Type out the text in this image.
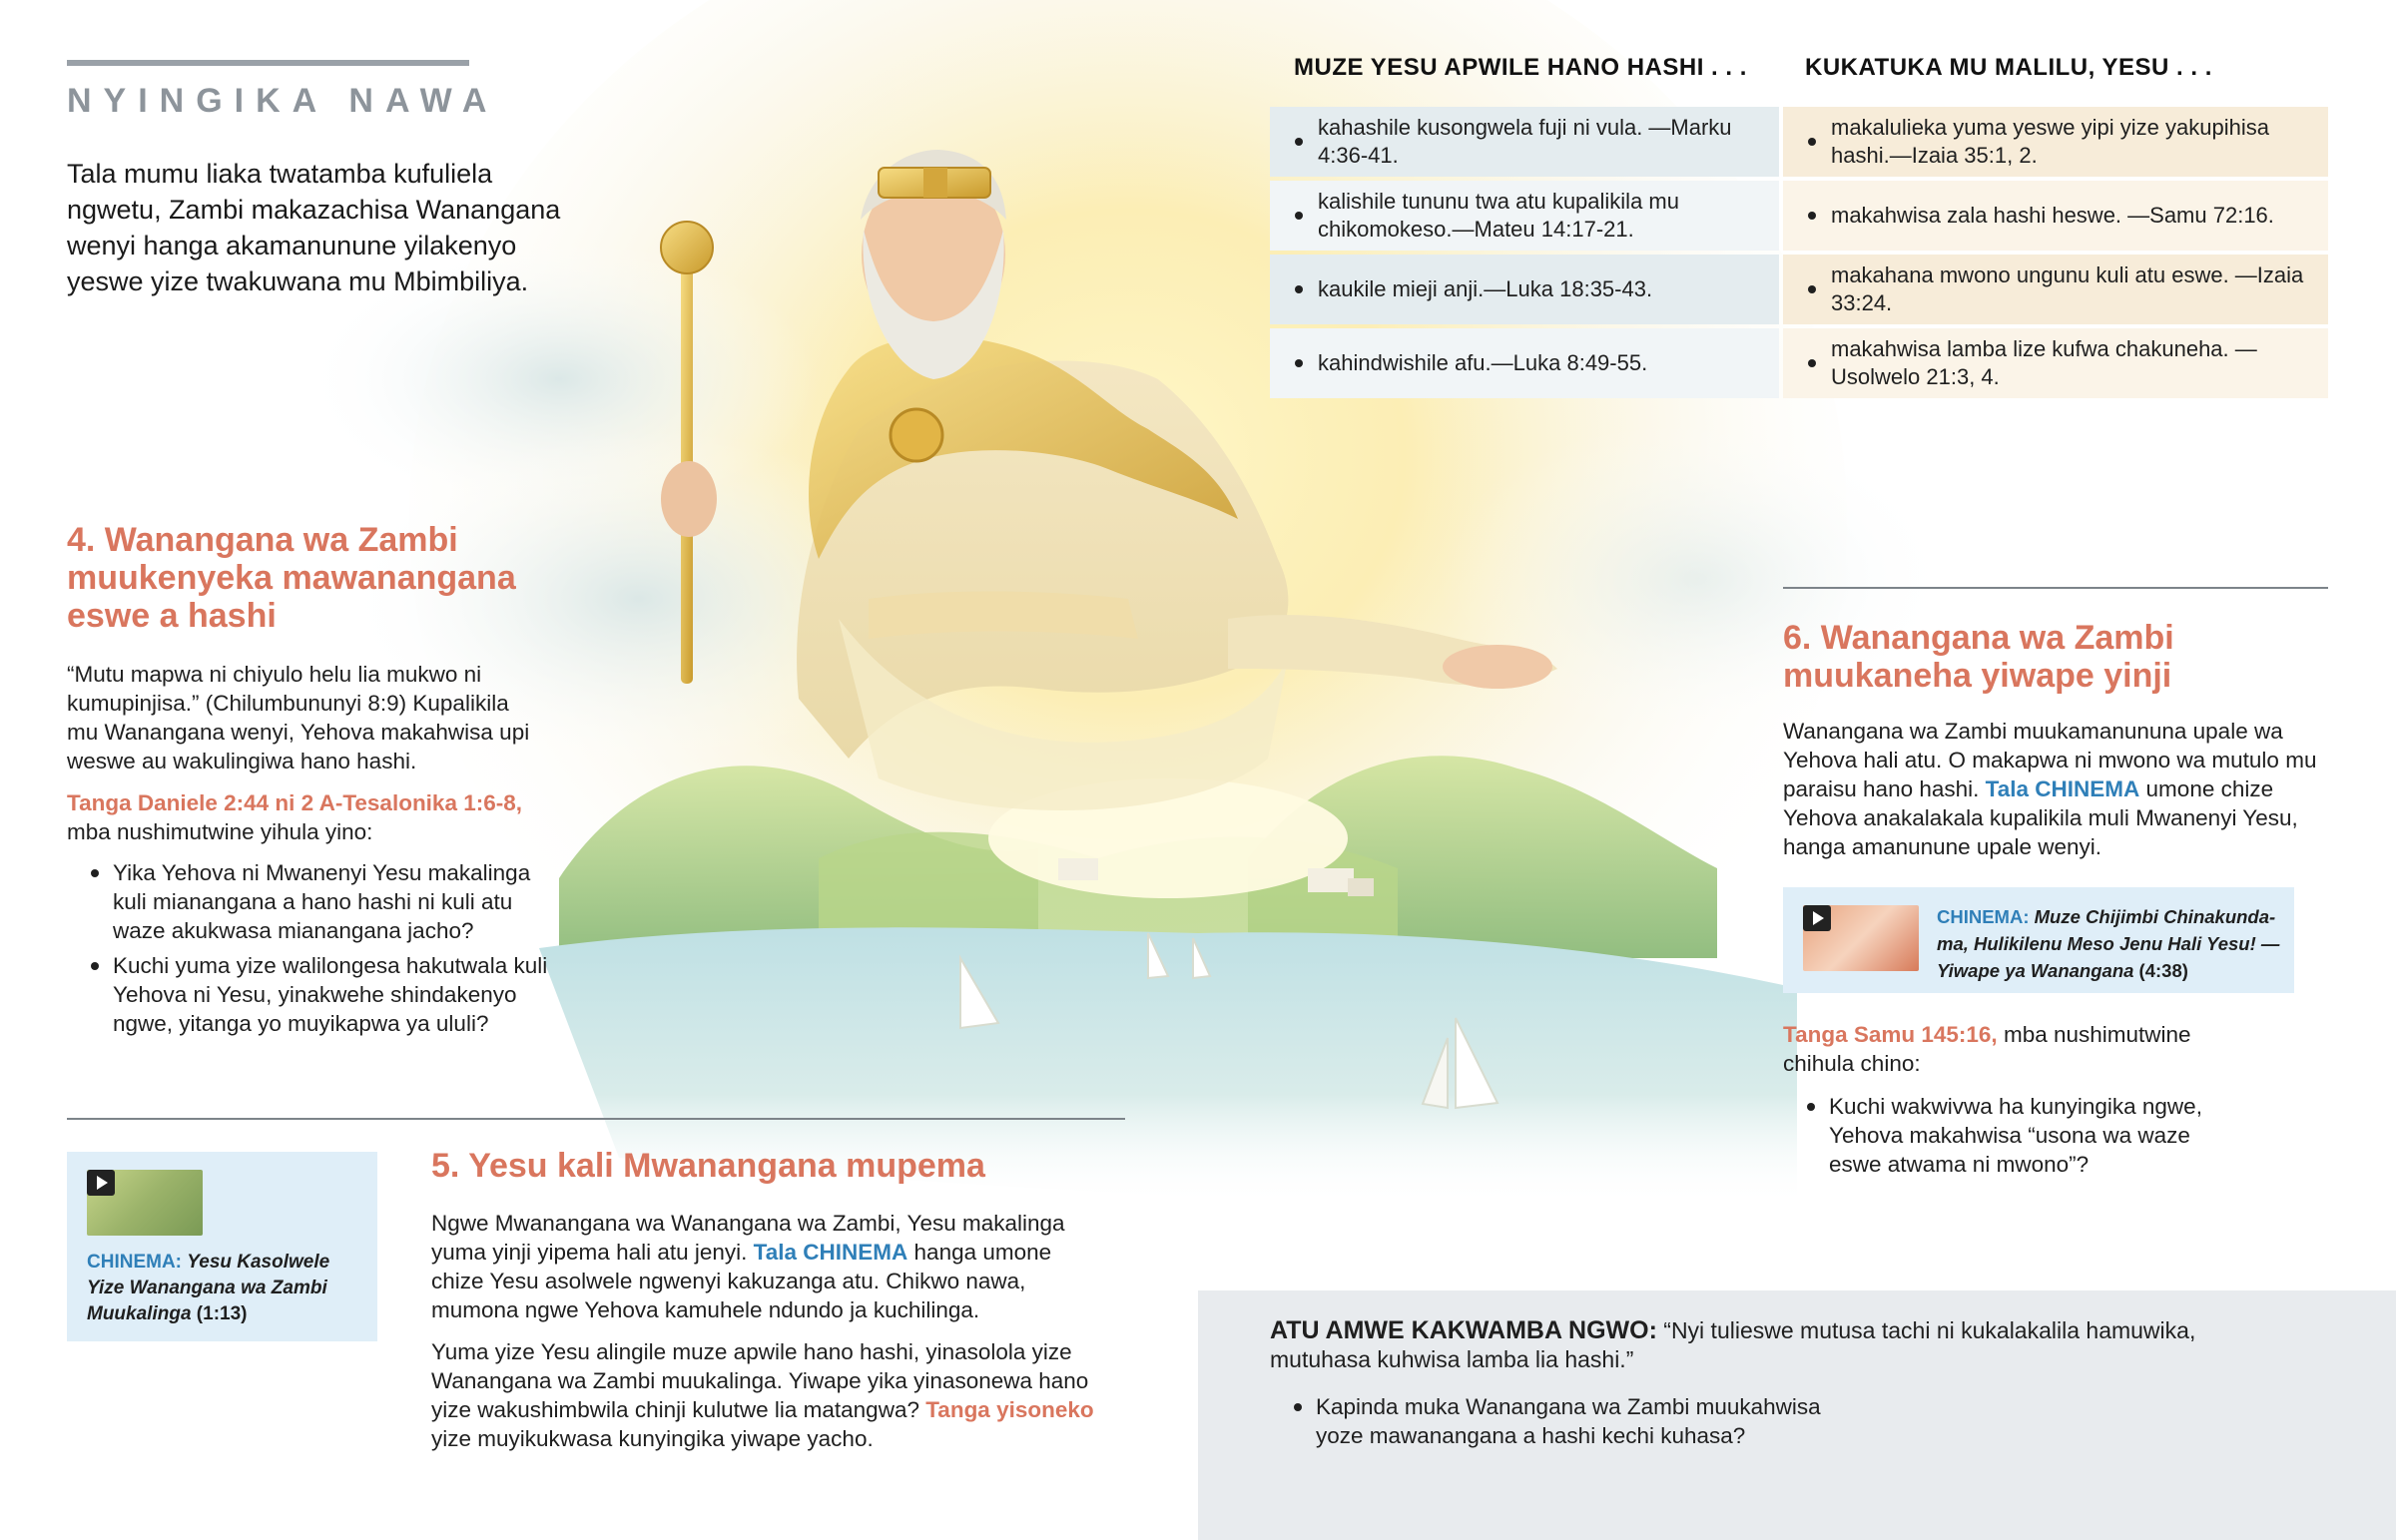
NYINGIKA NAWA

Tala mumu liaka twatamba kufuliela ngwetu, Zambi makazachisa Wanangana wenyi hanga akamanunune yilakenyo yeswe yize twakuwana mu Mbimbiliya.

MUZE YESU APWILE HANO HASHI . . . KUKATUKA MU MALILU, YESU . . .
kahashile kusongwela fuji ni vula. —Marku 4:36-41.
kalishile tununu twa atu kupalikila mu chikomokeso.—Mateu 14:17-21.
kaukile mieji anji.—Luka 18:35-43.
kahindwishile afu.—Luka 8:49-55.
makalulieka yuma yeswe yipi yize yakupihisa hashi.—Izaia 35:1, 2.
makahwisa zala hashi heswe. —Samu 72:16.
makahana mwono ungunu kuli atu eswe. —Izaia 33:24.
makahwisa lamba lize kufwa chakuneha. —Usolwelo 21:3, 4.
4. Wanangana wa Zambi muukenyeka mawanangana eswe a hashi

“Mutu mapwa ni chiyulo helu lia mukwo ni kumupinjisa.” (Chilumbununyi 8:9) Kupalikila mu Wanangana wenyi, Yehova makahwisa upi weswe au wakulingiwa hano hashi.

Tanga Daniele 2:44 ni 2 A-Tesalonika 1:6-8,
mba nushimutwine yihula yino:

Yika Yehova ni Mwanenyi Yesu makalinga kuli mianangana a hano hashi ni kuli atu waze akukwasa mianangana jacho?
Kuchi yuma yize walilongesa hakutwala kuli Yehova ni Yesu, yinakwehe shindakenyo ngwe, yitanga yo muyikapwa ya ululi?

CHINEMA: Yesu Kasolwele Yize Wanangana wa Zambi Muukalinga (1:13)

5. Yesu kali Mwanangana mupema

Ngwe Mwanangana wa Wanangana wa Zambi, Yesu makalinga yuma yinji yipema hali atu jenyi. Tala CHINEMA hanga umone chize Yesu asolwele ngwenyi kakuzanga atu. Chikwo nawa, mumona ngwe Yehova kamuhele ndundo ja kuchilinga.

Yuma yize Yesu alingile muze apwile hano hashi, yinasolola yize Wanangana wa Zambi muukalinga. Yiwape yika yinasonewa hano yize wakushimbwila chinji kulutwe lia matangwa? Tanga yisoneko yize muyikukwasa kunyingika yiwape yacho.

6. Wanangana wa Zambi muukaneha yiwape yinji

Wanangana wa Zambi muukamanununa upale wa Yehova hali atu. O makapwa ni mwono wa mutulo mu paraisu hano hashi. Tala CHINEMA umone chize Yehova anakalakala kupalikila muli Mwanenyi Yesu, hanga amanunune upale wenyi.

CHINEMA: Muze Chijimbi Chinakunda-ma, Hulikilenu Meso Jenu Hali Yesu! —Yiwape ya Wanangana (4:38)

Tanga Samu 145:16, mba nushimutwine chihula chino:

Kuchi wakwivwa ha kunyingika ngwe, Yehova makahwisa “usona wa waze eswe atwama ni mwono”?

ATU AMWE KAKWAMBA NGWO: “Nyi tulieswe mutusa tachi ni kukalakalila hamuwika, mutuhasa kuhwisa lamba lia hashi.”

Kapinda muka Wanangana wa Zambi muukahwisa yoze mawanangana a hashi kechi kuhasa?
